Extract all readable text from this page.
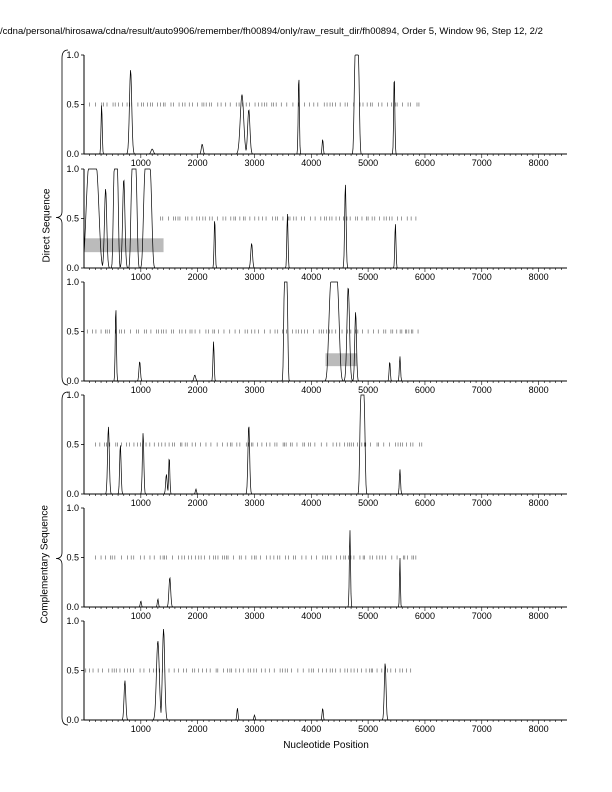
/cdna/personal/hirosawa/cdna/result/auto9906/remember/fh00894/only/raw_result_dir/fh00894, Order 5, Window 96, Step 12, 2/2
Direct Sequence
Complementary Sequence
0.0
0.5
1.0
1000	2000	3000	4000	5000	6000	7000	8000
0.0
0.5
1.0
1000	2000	3000	4000	5000	6000	7000	8000
0.0
0.5
1.0
1000	2000	3000	4000	5000	6000	7000	8000
0.0
0.5
1.0
1000	2000	3000	4000	5000	6000	7000	8000
0.0
0.5
1.0
1000	2000	3000	4000	5000	6000	7000	8000
0.0
0.5
1.0
1000	2000	3000	4000	5000	6000	7000	8000
Nucleotide Position
